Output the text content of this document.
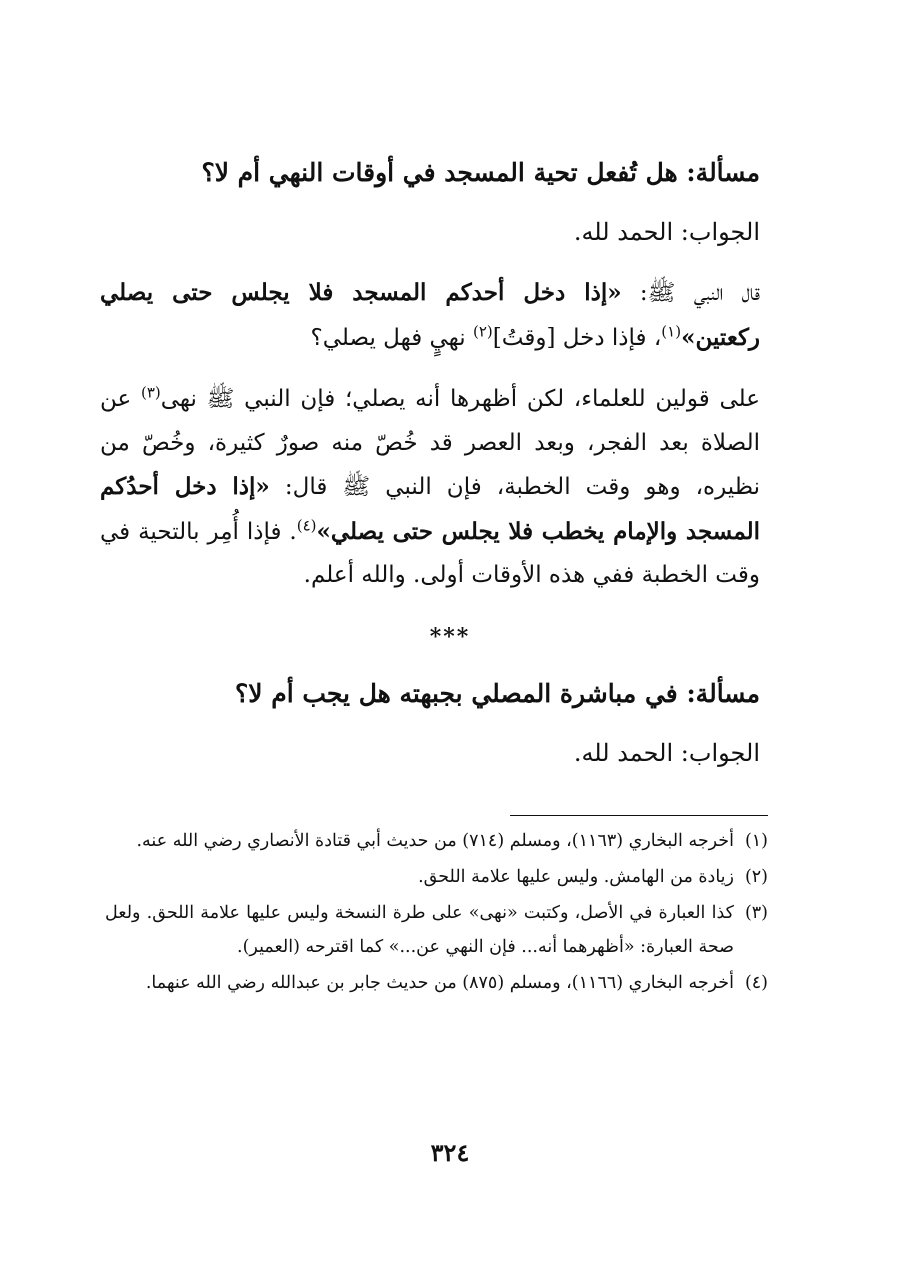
مسألة: هل تُفعل تحية المسجد في أوقات النهي أم لا؟
الجواب: الحمد لله.
قال النبي ﷺ: «إذا دخل أحدكم المسجد فلا يجلس حتى يصلي ركعتين»$^{(١)}$، فإذا دخل [وقتُ]$^{(٢)}$ نهيٍ فهل يصلي؟
على قولين للعلماء، لكن أظهرها أنه يصلي؛ فإن النبي ﷺ نهى$^{(٣)}$ عن الصلاة بعد الفجر، وبعد العصر قد خُصّ منه صورٌ كثيرة، وخُصّ من نظيره، وهو وقت الخطبة، فإن النبي ﷺ قال: «إذا دخل أحدُكم المسجد والإمام يخطب فلا يجلس حتى يصلي»$^{(٤)}$. فإذا أُمِر بالتحية في وقت الخطبة ففي هذه الأوقات أولى. والله أعلم.
***
مسألة: في مباشرة المصلي بجبهته هل يجب أم لا؟
الجواب: الحمد لله.
(١)
أخرجه البخاري (١١٦٣)، ومسلم (٧١٤) من حديث أبي قتادة الأنصاري رضي الله عنه.
(٢)
زيادة من الهامش. وليس عليها علامة اللحق.
(٣)
كذا العبارة في الأصل، وكتبت «نهى» على طرة النسخة وليس عليها علامة اللحق. ولعل صحة العبارة: «أظهرهما أنه... فإن النهي عن...» كما اقترحه (العمير).
(٤)
أخرجه البخاري (١١٦٦)، ومسلم (٨٧٥) من حديث جابر بن عبدالله رضي الله عنهما.
٣٢٤
